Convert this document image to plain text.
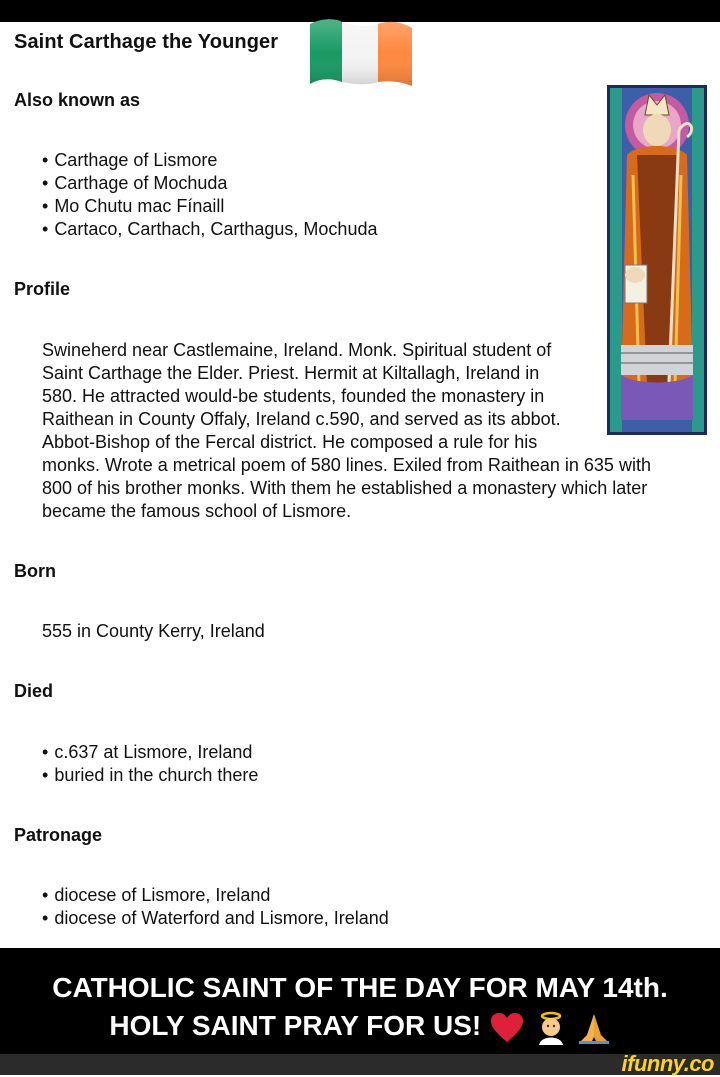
Saint Carthage the Younger
Also known as
• Carthage of Lismore
• Carthage of Mochuda
• Mo Chutu mac Fínaill
• Cartaco, Carthach, Carthagus, Mochuda
Profile

Swineherd near Castlemaine, Ireland. Monk. Spiritual student of

Saint Carthage the Elder. Priest. Hermit at Kiltallagh, Ireland in

580. He attracted would-be students, founded the monastery in

Raithean in County Offaly, Ireland c.590, and served as its abbot.

Abbot-Bishop of the Fercal district. He composed a rule for his

monks. Wrote a metrical poem of 580 lines. Exiled from Raithean in 635 with

800 of his brother monks. With them he established a monastery which later

became the famous school of Lismore.

Born
555 in County Kerry, Ireland
Died
• c.637 at Lismore, Ireland
• buried in the church there
Patronage
• diocese of Lismore, Ireland
• diocese of Waterford and Lismore, Ireland
CATHOLIC SAINT OF THE DAY FOR MAY 14th.
HOLY SAINT PRAY FOR US!
ifunny.co
